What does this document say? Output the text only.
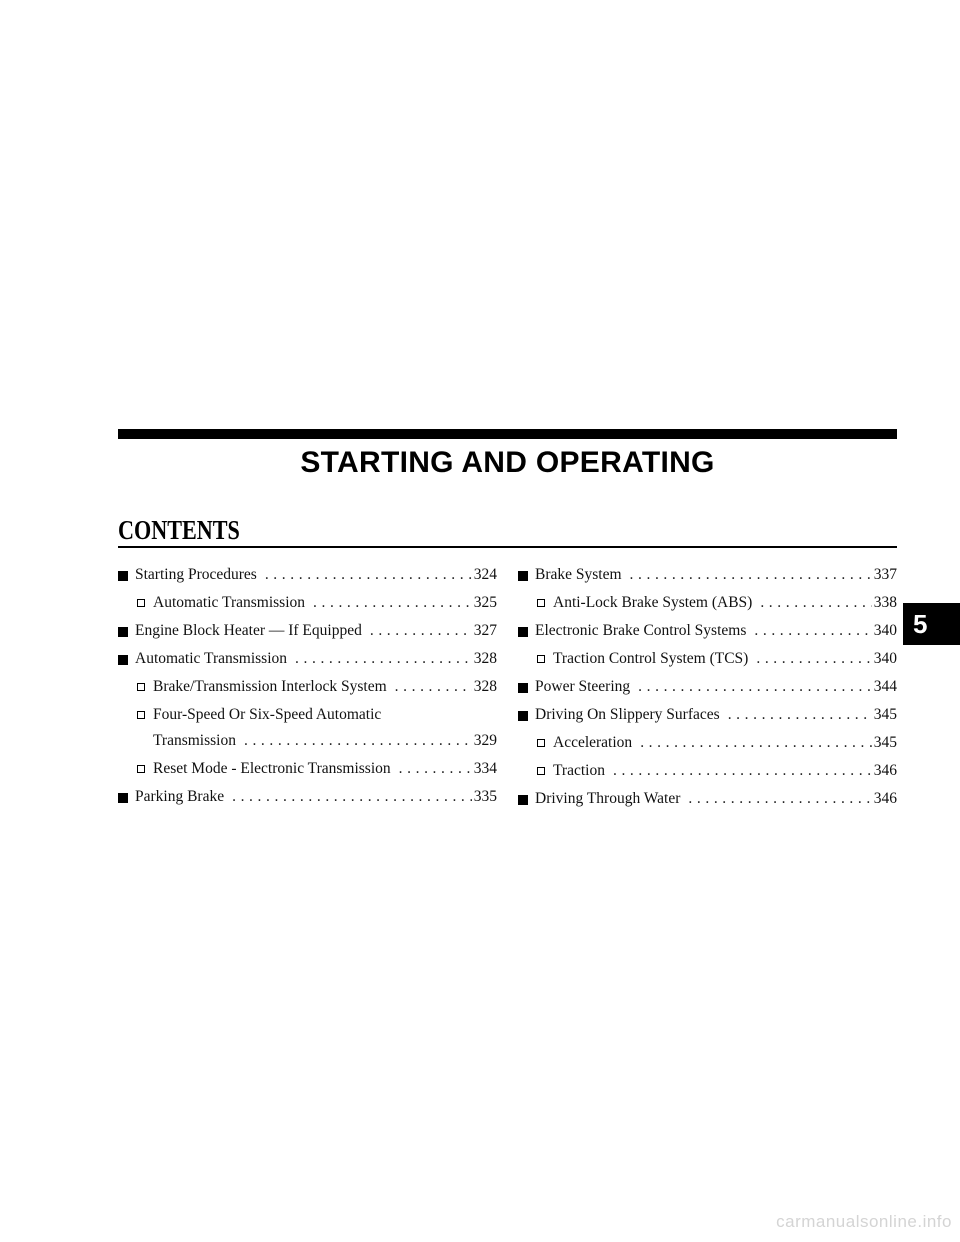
STARTING AND OPERATING
CONTENTS
Starting Procedures .....	324
Automatic Transmission .....	325
Engine Block Heater — If Equipped .....	327
Automatic Transmission .....	328
Brake/Transmission Interlock System .....	328
Four-Speed Or Six-Speed Automatic
Transmission .....	329
Reset Mode - Electronic Transmission .....	334
Parking Brake .....	335
Brake System .....	337
Anti-Lock Brake System (ABS) .....	338
Electronic Brake Control Systems .....	340
Traction Control System (TCS) .....	340
Power Steering .....	344
Driving On Slippery Surfaces .....	345
Acceleration .....	345
Traction .....	346
Driving Through Water .....	346
5
carmanualsonline.info
